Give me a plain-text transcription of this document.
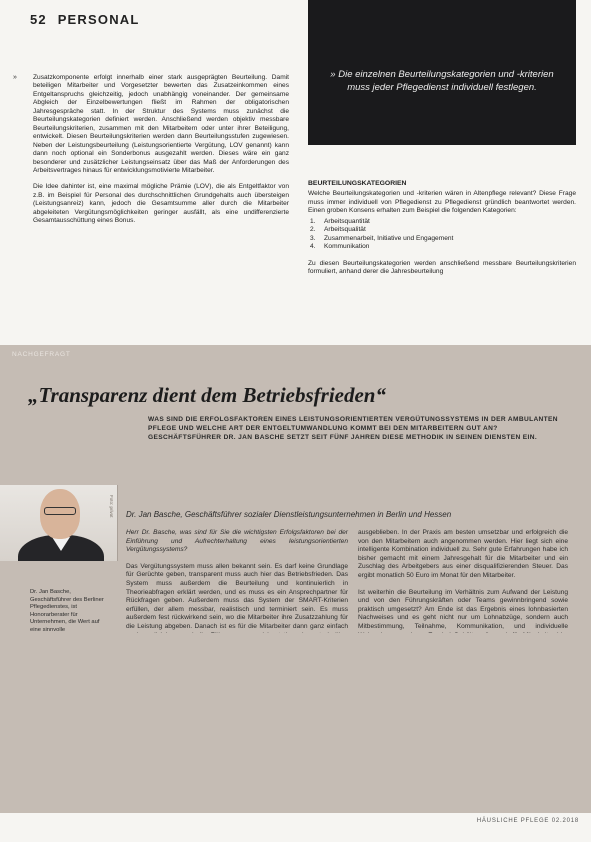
52 PERSONAL

» Die einzelnen Beurteilungskategorien und -kriterien muss jeder Pflegedienst individuell festlegen.

» Zusatzkomponente erfolgt innerhalb einer stark ausgeprägten Beurteilung. Damit beteiligen Mitarbeiter und Vorgesetzter bewerten das Zusatzeinkommen eines Entgeltanspruchs gleichzeitig, jedoch unabhängig voneinander. Der gemeinsame Abgleich der Einzelbewertungen fließt im Rahmen der obligatorischen Jahresgespräche statt. In der Struktur des Systems muss zunächst die Beurteilungskategorien definiert werden. Anschließend werden objektiv messbare Beurteilungskriterien, zusammen mit den Mitarbeitern oder unter ihrer Beteiligung, entwickelt. Diesen Beurteilungskriterien werden dann Beurteilungsstufen zugewiesen. Neben der Leistungsbeurteilung (Leistungsorientierte Vergütung, LOV genannt) kann dann noch optional ein Sonderbonus ausgezahlt werden. Dieses wäre ein ganz besonderer und zusätzlicher Leistungseinsatz über das Maß der Anforderungen des Arbeitsvertrages hinaus für entwicklungsmotivierte Mitarbeiter.

Die Idee dahinter ist, eine maximal mögliche Prämie (LOV), die als Entgeltfaktor von z.B. im Beispiel für Personal des durchschnittlichen Grundgehalts auch übersteigen (Leistungsanreiz) kann, jedoch die Gesamtsumme aller durch die Mitarbeiter abgeleiteten Vergütungsmöglichkeiten geringer ausfällt, als eine undifferenzierte Gesamtausschüttung eines Bonus.

BEURTEILUNGSKATEGORIEN

Welche Beurteilungskategorien und -kriterien wären in Altenpflege relevant? Diese Frage muss immer individuell von Pflegedienst zu Pflegedienst gründlich beantwortet werden. Einen groben Konsens erhalten zum Beispiel die folgenden Kategorien:

1.	Arbeitsquantität
2.	Arbeitsqualität
3.	Zusammenarbeit, Initiative und Engagement
4.	Kommunikation

Zu diesen Beurteilungskategorien werden anschließend messbare Beurteilungskriterien formuliert, anhand derer die Jahresbeurteilung

NACHGEFRAGT
„Transparenz dient dem Betriebsfrieden“

WAS SIND DIE ERFOLGSFAKTOREN EINES LEISTUNGSORIENTIERTEN VERGÜTUNGSSYSTEMS IN DER AMBULANTEN PFLEGE UND WELCHE ART DER ENTGELTUMWANDLUNG KOMMT BEI DEN MITARBEITERN GUT AN? GESCHÄFTSFÜHRER DR. JAN BASCHE SETZT SEIT FÜNF JAHREN DIESE METHODIK IN SEINEN DIENSTEN EIN.

Foto: privat

Dr. Jan Basche, Geschäftsführer des Berliner Pflegedienstes, ist Honorarberater für Unternehmen, die Wert auf eine sinnvolle

Dr. Jan Basche, Geschäftsführer sozialer Dienstleistungsunternehmen in Berlin und Hessen

Herr Dr. Basche, was sind für Sie die wichtigsten Erfolgsfaktoren bei der Einführung und Aufrechterhaltung eines leistungsorientierten Vergütungssystems?

Das Vergütungssystem muss allen bekannt sein. Es darf keine Grundlage für Gerüchte geben, transparent muss auch hier das Betriebsfrieden. Das System muss außerdem die Beurteilung und kontinuierlich in Theorieabfragen erklärt werden, und es muss es ein Ansprechpartner für Rückfragen geben. Außerdem muss das System der SMART-Kriterien erfüllen, der allem messbar, realistisch und terminiert sein. Es muss außerdem fest rückwirkend sein, wo die Mitarbeiter ihre Zusatzzahlung für die Leistung abgeben. Danach ist es für die Mitarbeiter dann ganz einfach

ausgeblieben. In der Praxis am besten umsetzbar und erfolgreich die von den Mitarbeitern auch angenommen werden. Hier liegt sich eine intelligente Kombination individuell zu. Sehr gute Erfahrungen habe ich bisher gemacht mit einem Jahresgehalt für die Mitarbeiter und ein Zuschlag des Arbeitgebers aus einer disqualifizierenden Steuer. Das ergibt monatlich 50 Euro im Monat für den Mitarbeiter.

Ist weiterhin die Beurteilung im Verhältnis zum Aufwand der Leistung und von den Führungskräften oder Teams gewinnbringend sowie praktisch umgesetzt? Am Ende ist das Ergebnis eines lohnbasierten Nachweises und es geht nicht nur um Lohnabzüge, sondern auch Mitbestimmung, Teilnahme, Kommunikation, und individuelle

HÄUSLICHE PFLEGE 02.2018
